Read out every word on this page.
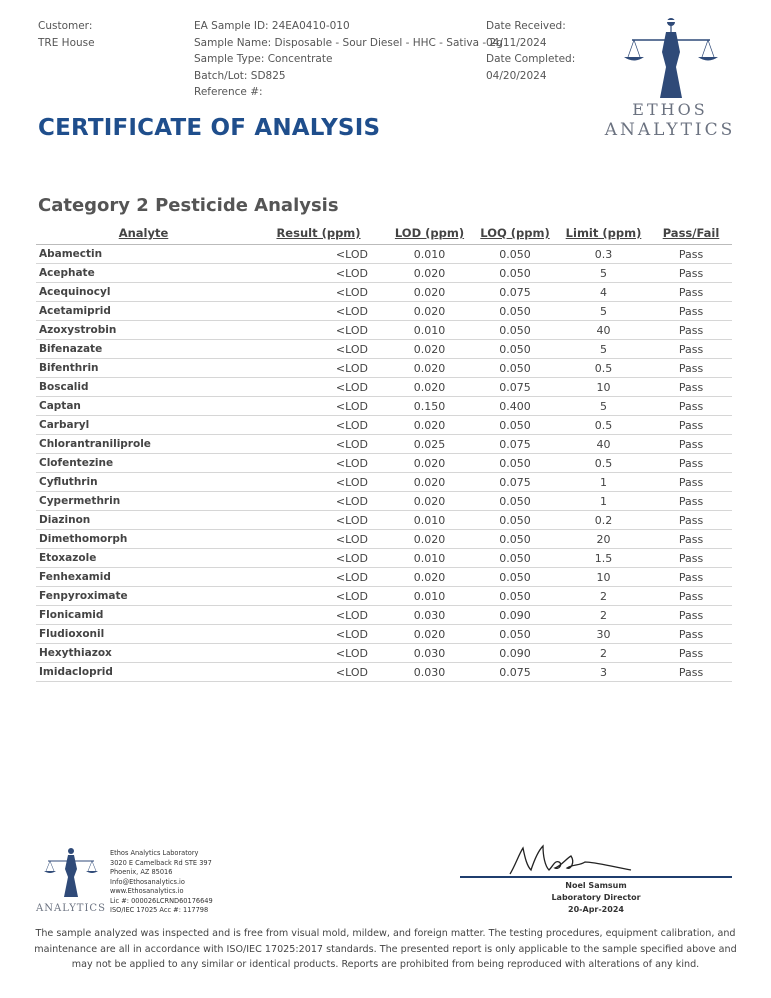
Customer:
TRE House
EA Sample ID: 24EA0410-010
Sample Name: Disposable - Sour Diesel - HHC - Sativa - 2g
Sample Type: Concentrate
Batch/Lot: SD825
Reference #:
Date Received:
04/11/2024
Date Completed:
04/20/2024
ETHOS
ANALYTICS
CERTIFICATE OF ANALYSIS
Category 2 Pesticide Analysis
Analyte	Result (ppm)	LOD (ppm)	LOQ (ppm)	Limit (ppm)	Pass/Fail
Abamectin	<LOD	0.010	0.050	0.3	Pass
Acephate	<LOD	0.020	0.050	5	Pass
Acequinocyl	<LOD	0.020	0.075	4	Pass
Acetamiprid	<LOD	0.020	0.050	5	Pass
Azoxystrobin	<LOD	0.010	0.050	40	Pass
Bifenazate	<LOD	0.020	0.050	5	Pass
Bifenthrin	<LOD	0.020	0.050	0.5	Pass
Boscalid	<LOD	0.020	0.075	10	Pass
Captan	<LOD	0.150	0.400	5	Pass
Carbaryl	<LOD	0.020	0.050	0.5	Pass
Chlorantraniliprole	<LOD	0.025	0.075	40	Pass
Clofentezine	<LOD	0.020	0.050	0.5	Pass
Cyfluthrin	<LOD	0.020	0.075	1	Pass
Cypermethrin	<LOD	0.020	0.050	1	Pass
Diazinon	<LOD	0.010	0.050	0.2	Pass
Dimethomorph	<LOD	0.020	0.050	20	Pass
Etoxazole	<LOD	0.010	0.050	1.5	Pass
Fenhexamid	<LOD	0.020	0.050	10	Pass
Fenpyroximate	<LOD	0.010	0.050	2	Pass
Flonicamid	<LOD	0.030	0.090	2	Pass
Fludioxonil	<LOD	0.020	0.050	30	Pass
Hexythiazox	<LOD	0.030	0.090	2	Pass
Imidacloprid	<LOD	0.030	0.075	3	Pass
ANALYTICS
Ethos Analytics Laboratory
3020 E Camelback Rd STE 397
Phoenix, AZ 85016
Info@Ethosanalytics.io
www.Ethosanalytics.io
Lic #: 000026LCRND60176649
ISO/IEC 17025 Acc #: 117798
Noel Samsum
Laboratory Director
20-Apr-2024
The sample analyzed was inspected and is free from visual mold, mildew, and foreign matter. The testing procedures, equipment calibration, and maintenance are all in accordance with ISO/IEC 17025:2017 standards. The presented report is only applicable to the sample specified above and may not be applied to any similar or identical products. Reports are prohibited from being reproduced with alterations of any kind.
